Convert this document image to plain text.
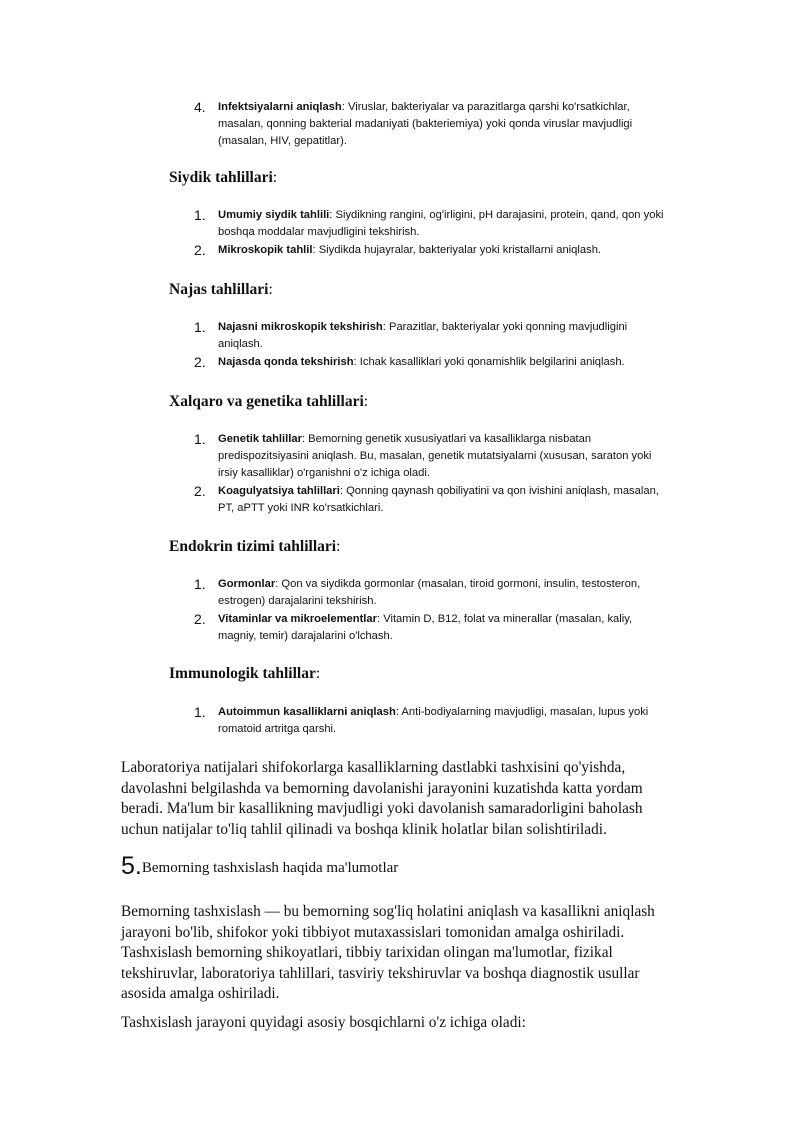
4. Infektsiyalarni aniqlash: Viruslar, bakteriyalar va parazitlarga qarshi ko'rsatkichlar, masalan, qonning bakterial madaniyati (bakteriemiya) yoki qonda viruslar mavjudligi (masalan, HIV, gepatitlar).
Siydik tahlillari:
1. Umumiy siydik tahlili: Siydikning rangini, og'irligini, pH darajasini, protein, qand, qon yoki boshqa moddalar mavjudligini tekshirish.
2. Mikroskopik tahlil: Siydikda hujayralar, bakteriyalar yoki kristallarni aniqlash.
Najas tahlillari:
1. Najasni mikroskopik tekshirish: Parazitlar, bakteriyalar yoki qonning mavjudligini aniqlash.
2. Najasda qonda tekshirish: Ichak kasalliklari yoki qonamishlik belgilarini aniqlash.
Xalqaro va genetika tahlillari:
1. Genetik tahlillar: Bemorning genetik xususiyatlari va kasalliklarga nisbatan predispozitsiyasini aniqlash. Bu, masalan, genetik mutatsiyalarni (xususan, saraton yoki irsiy kasalliklar) o'rganishni o'z ichiga oladi.
2. Koagulyatsiya tahlillari: Qonning qaynash qobiliyatini va qon ivishini aniqlash, masalan, PT, aPTT yoki INR ko'rsatkichlari.
Endokrin tizimi tahlillari:
1. Gormonlar: Qon va siydikda gormonlar (masalan, tiroid gormoni, insulin, testosteron, estrogen) darajalarini tekshirish.
2. Vitaminlar va mikroelementlar: Vitamin D, B12, folat va minerallar (masalan, kaliy, magniy, temir) darajalarini o'lchash.
Immunologik tahlillar:
1. Autoimmun kasalliklarni aniqlash: Anti-bodiyalarning mavjudligi, masalan, lupus yoki romatoid artritga qarshi.

Laboratoriya natijalari shifokorlarga kasalliklarning dastlabki tashxisini qo'yishda, davolashni belgilashda va bemorning davolanishi jarayonini kuzatishda katta yordam beradi. Ma'lum bir kasallikning mavjudligi yoki davolanish samaradorligini baholash uchun natijalar to'liq tahlil qilinadi va boshqa klinik holatlar bilan solishtiriladi.

5.Bemorning tashxislash haqida ma'lumotlar

Bemorning tashxislash — bu bemorning sog'liq holatini aniqlash va kasallikni aniqlash jarayoni bo'lib, shifokor yoki tibbiyot mutaxassislari tomonidan amalga oshiriladi. Tashxislash bemorning shikoyatlari, tibbiy tarixidan olingan ma'lumotlar, fizikal tekshiruvlar, laboratoriya tahlillari, tasviriy tekshiruvlar va boshqa diagnostik usullar asosida amalga oshiriladi.

Tashxislash jarayoni quyidagi asosiy bosqichlarni o'z ichiga oladi:
